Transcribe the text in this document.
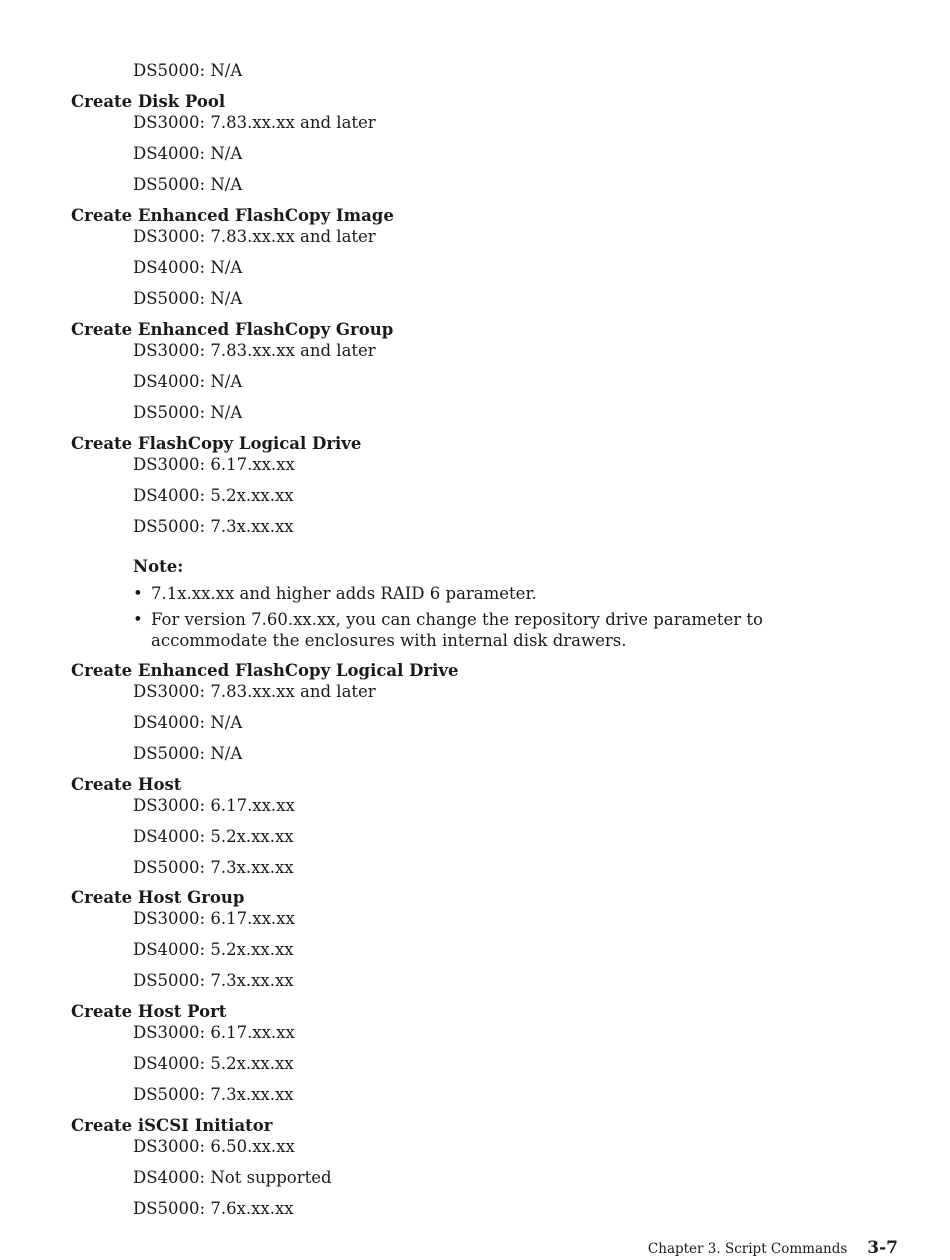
DS5000: N/A
Create Disk Pool
DS3000: 7.83.xx.xx and later
DS4000: N/A
DS5000: N/A
Create Enhanced FlashCopy Image
DS3000: 7.83.xx.xx and later
DS4000: N/A
DS5000: N/A
Create Enhanced FlashCopy Group
DS3000: 7.83.xx.xx and later
DS4000: N/A
DS5000: N/A
Create FlashCopy Logical Drive
DS3000: 6.17.xx.xx
DS4000: 5.2x.xx.xx
DS5000: 7.3x.xx.xx
Note:
• 7.1x.xx.xx and higher adds RAID 6 parameter.
• For version 7.60.xx.xx, you can change the repository drive parameter to accommodate the enclosures with internal disk drawers.
Create Enhanced FlashCopy Logical Drive
DS3000: 7.83.xx.xx and later
DS4000: N/A
DS5000: N/A
Create Host
DS3000: 6.17.xx.xx
DS4000: 5.2x.xx.xx
DS5000: 7.3x.xx.xx
Create Host Group
DS3000: 6.17.xx.xx
DS4000: 5.2x.xx.xx
DS5000: 7.3x.xx.xx
Create Host Port
DS3000: 6.17.xx.xx
DS4000: 5.2x.xx.xx
DS5000: 7.3x.xx.xx
Create iSCSI Initiator
DS3000: 6.50.xx.xx
DS4000: Not supported
DS5000: 7.6x.xx.xx
Chapter 3. Script Commands 3-7
